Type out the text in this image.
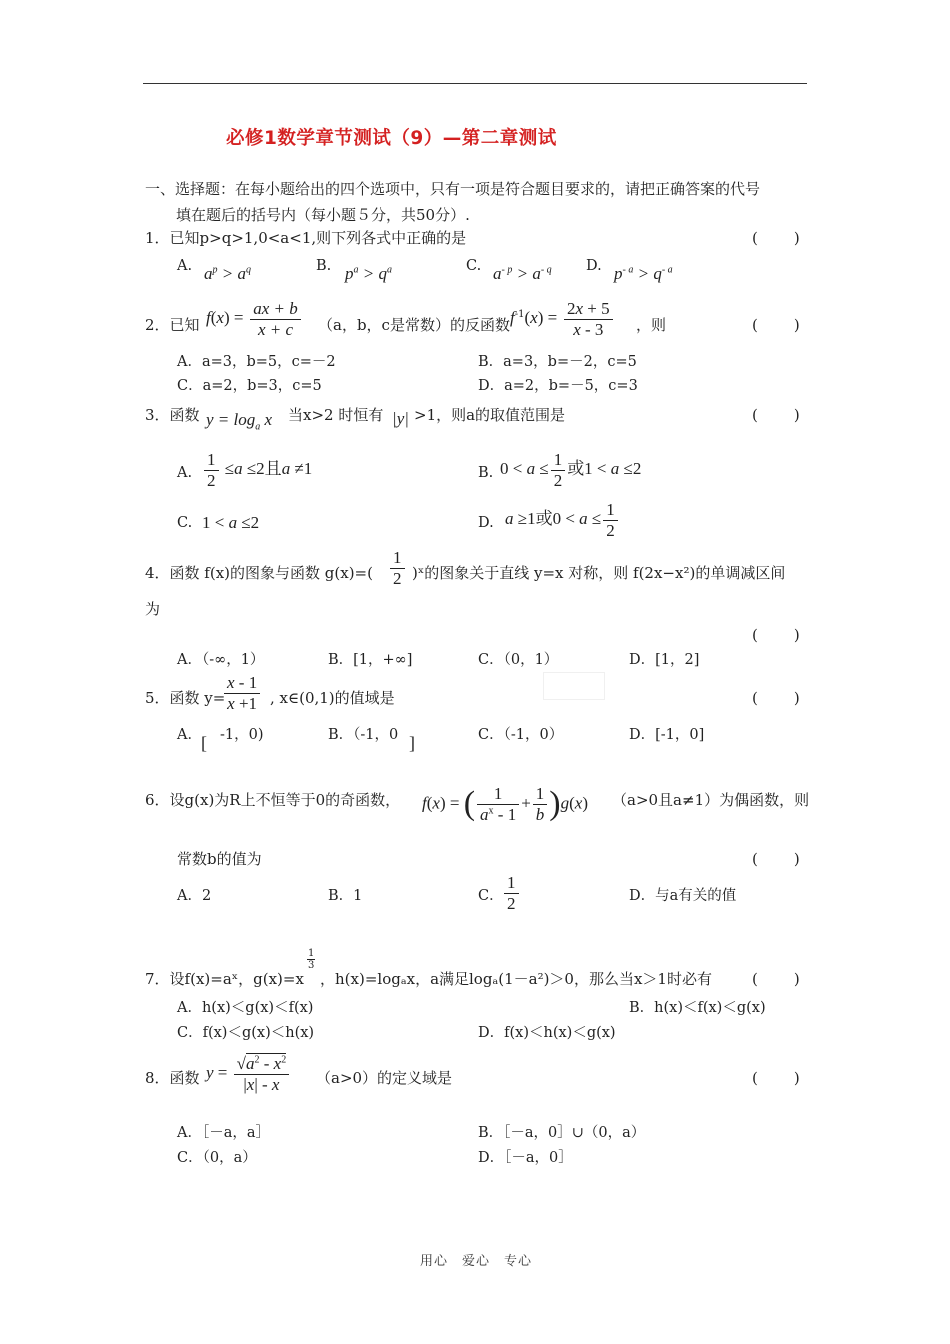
必修1数学章节测试（9）—第二章测试
一、选择题：在每小题给出的四个选项中，只有一项是符合题目要求的，请把正确答案的代号
填在题后的括号内（每小题５分，共50分）.
1．已知p>q>1,0<a<1,则下列各式中正确的是	(　　)
A. $a^p > a^q$	B. $p^a > q^a$	C. $a^{- p} > a^{- q}$ D. $p^{- a} > q^{- a}$
2．已知 $f(x) = \frac{ax + b}{x + c} (a$，b，c是常数）的反函数 $f^{-1}(x) = \frac{2x + 5}{x - 3}$ ，则	(　　)
A．a=3，b=5，c=－2	B．a=3，b=－2，c=5
C．a=2，b=3，c=5	D．a=2，b=－5，c=3
3．函数 $y = \log_a x$ 当x>2 时恒有 |y| >1，则a的取值范围是	(　　)
A. $\frac{1}{2} \le a \le 2$且a ≠1	B. $0 < a \le \frac{1}{2}$ 或1 < a ≤2
C. 1 < a ≤2	D. a ≥1或$0 < a \le \frac{1}{2}$
4．函数 f(x)的图象与函数 $g(x)=( \frac{1}{2}$ )ˣ的图象关于直线 y=x 对称，则 f(2x−x²)的单调减区间
为
(　　)
A．（-∞，1）	B．[1，+∞]	C．（0，1）	D．[1，2]
5．函数 y=
$\frac{x - 1}{x +1}$ , x∈(0,1)的值域是	(　　)
A． [ -1，0)	B．（-1，0 ]	C．（-1，0）	D．[-1，0]
6．设g(x)为R上不恒等于0的奇函数， f(x) = ( $\frac{1}{a^x - 1} + \frac{1}{b} )g(x)$ （a>0且a≠1）为偶函数，则
常数b的值为	(　　)
A．2	B．1	C． $\frac{1}{2}$	D．与a有关的值
7．设f(x)=aˣ，g(x)=x
1
3
，h(x)=logₐx，a满足logₐ(1－a²)＞0，那么当x＞1时必有	(　　)
A．h(x)＜g(x)＜f(x)	B．h(x)＜f(x)＜g(x)
C．f(x)＜g(x)＜h(x)	D．f(x)＜h(x)＜g(x)
8．函数 $y = \frac{√a^2 - x^2}{|x| - x} (a>0)$的定义域是	(　　)
A．［－a，a］	B．［－a，0］∪（0，a）
C．（0，a）	D．［－a，0］
用心　爱心　专心
